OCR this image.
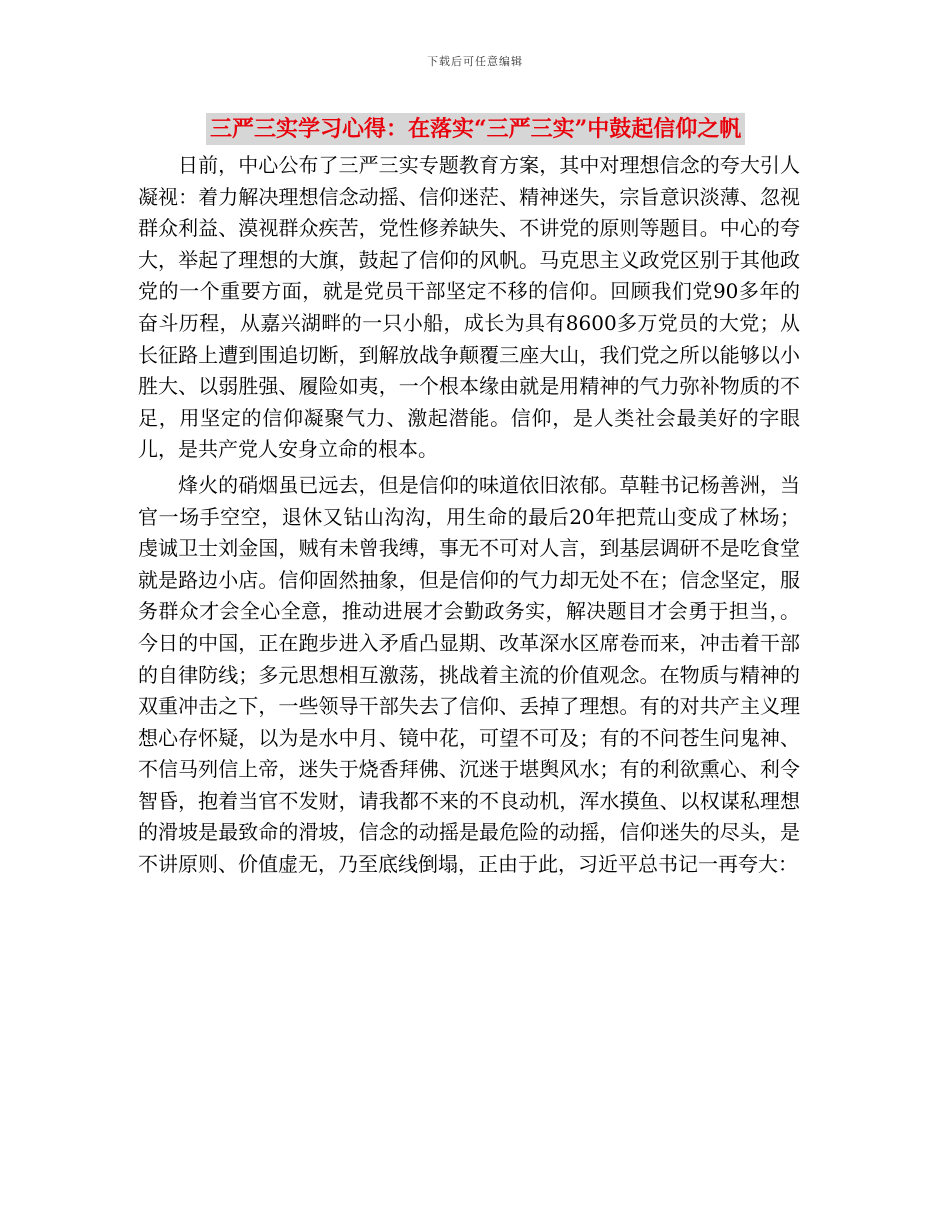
下载后可任意编辑
三严三实学习心得：在落实“三严三实”中鼓起信仰之帆

日前，中心公布了三严三实专题教育方案，其中对理想信念的夸大引人凝视：着力解决理想信念动摇、信仰迷茫、精神迷失，宗旨意识淡薄、忽视群众利益、漠视群众疾苦，党性修养缺失、不讲党的原则等题目。中心的夸大，举起了理想的大旗，鼓起了信仰的风帆。马克思主义政党区别于其他政党的一个重要方面，就是党员干部坚定不移的信仰。回顾我们党90多年的奋斗历程，从嘉兴湖畔的一只小船，成长为具有8600多万党员的大党；从长征路上遭到围追切断，到解放战争颠覆三座大山，我们党之所以能够以小胜大、以弱胜强、履险如夷，一个根本缘由就是用精神的气力弥补物质的不足，用坚定的信仰凝聚气力、激起潜能。信仰，是人类社会最美好的字眼儿，是共产党人安身立命的根本。

烽火的硝烟虽已远去，但是信仰的味道依旧浓郁。草鞋书记杨善洲，当官一场手空空，退休又钻山沟沟，用生命的最后20年把荒山变成了林场；虔诚卫士刘金国，贼有未曾我缚，事无不可对人言，到基层调研不是吃食堂就是路边小店。信仰固然抽象，但是信仰的气力却无处不在；信念坚定，服务群众才会全心全意，推动进展才会勤政务实，解决题目才会勇于担当，。今日的中国，正在跑步进入矛盾凸显期、改革深水区席卷而来，冲击着干部的自律防线；多元思想相互激荡，挑战着主流的价值观念。在物质与精神的双重冲击之下，一些领导干部失去了信仰、丢掉了理想。有的对共产主义理想心存怀疑，以为是水中月、镜中花，可望不可及；有的不问苍生问鬼神、不信马列信上帝，迷失于烧香拜佛、沉迷于堪舆风水；有的利欲熏心、利令智昏，抱着当官不发财，请我都不来的不良动机，浑水摸鱼、以权谋私理想的滑坡是最致命的滑坡，信念的动摇是最危险的动摇，信仰迷失的尽头，是不讲原则、价值虚无，乃至底线倒塌，正由于此，习近平总书记一再夸大：
